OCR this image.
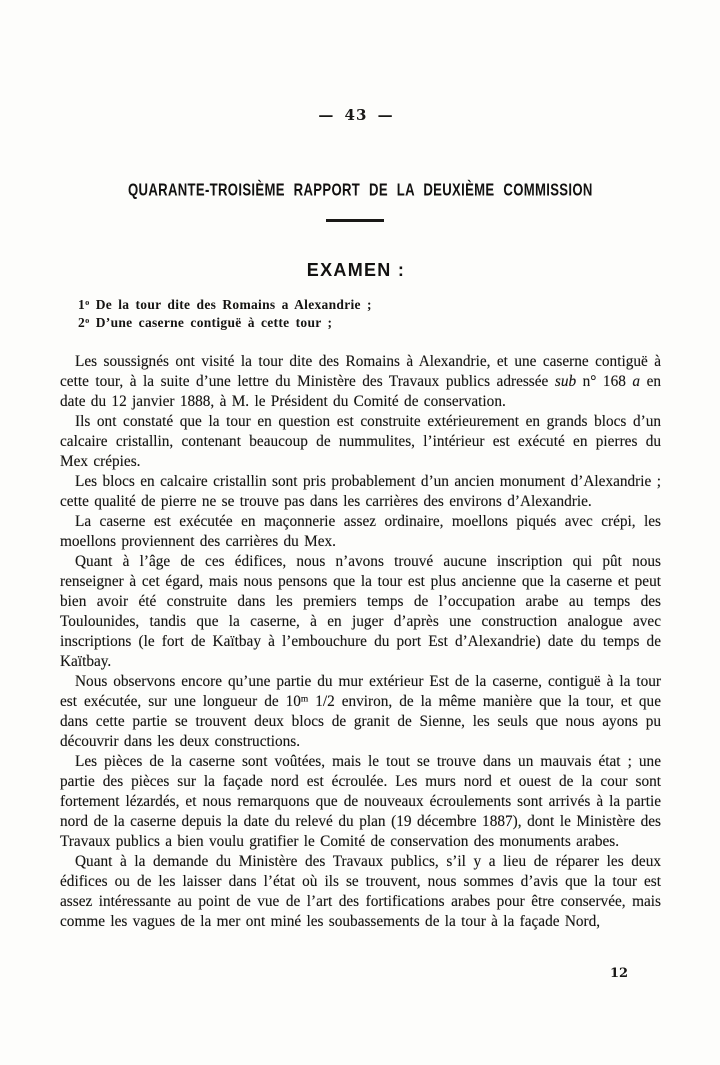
— 43 —
QUARANTE-TROISIÈME RAPPORT DE LA DEUXIÈME COMMISSION
EXAMEN :
1$^o$ De la tour dite des Romains a Alexandrie ;
2$^o$ D’une caserne contiguë à cette tour ;

Les soussignés ont visité la tour dite des Romains à Alexandrie, et une caserne contiguë à cette tour, à la suite d’une lettre du Ministère des Travaux publics adressée sub n° 168 a en date du 12 janvier 1888, à M. le Président du Comité de conservation.

Ils ont constaté que la tour en question est construite extérieurement en grands blocs d’un calcaire cristallin, contenant beaucoup de nummulites, l’intérieur est exécuté en pierres du Mex crépies.

Les blocs en calcaire cristallin sont pris probablement d’un ancien monument d’Alexandrie ; cette qualité de pierre ne se trouve pas dans les carrières des environs d’Alexandrie.

La caserne est exécutée en maçonnerie assez ordinaire, moellons piqués avec crépi, les moellons proviennent des carrières du Mex.

Quant à l’âge de ces édifices, nous n’avons trouvé aucune inscription qui pût nous renseigner à cet égard, mais nous pensons que la tour est plus ancienne que la caserne et peut bien avoir été construite dans les premiers temps de l’occupation arabe au temps des Toulounides, tandis que la caserne, à en juger d’après une construction analogue avec inscriptions (le fort de Kaïtbay à l’embouchure du port Est d’Alexandrie) date du temps de Kaïtbay.

Nous observons encore qu’une partie du mur extérieur Est de la caserne, contiguë à la tour est exécutée, sur une longueur de 10$^m$ 1/2 environ, de la même manière que la tour, et que dans cette partie se trouvent deux blocs de granit de Sienne, les seuls que nous ayons pu découvrir dans les deux constructions.

Les pièces de la caserne sont voûtées, mais le tout se trouve dans un mauvais état ; une partie des pièces sur la façade nord est écroulée. Les murs nord et ouest de la cour sont fortement lézardés, et nous remarquons que de nouveaux écroulements sont arrivés à la partie nord de la caserne depuis la date du relevé du plan (19 décembre 1887), dont le Ministère des Travaux publics a bien voulu gratifier le Comité de conservation des monuments arabes.

Quant à la demande du Ministère des Travaux publics, s’il y a lieu de réparer les deux édifices ou de les laisser dans l’état où ils se trouvent, nous sommes d’avis que la tour est assez intéressante au point de vue de l’art des fortifications arabes pour être conservée, mais comme les vagues de la mer ont miné les soubassements de la tour à la façade Nord,

12
